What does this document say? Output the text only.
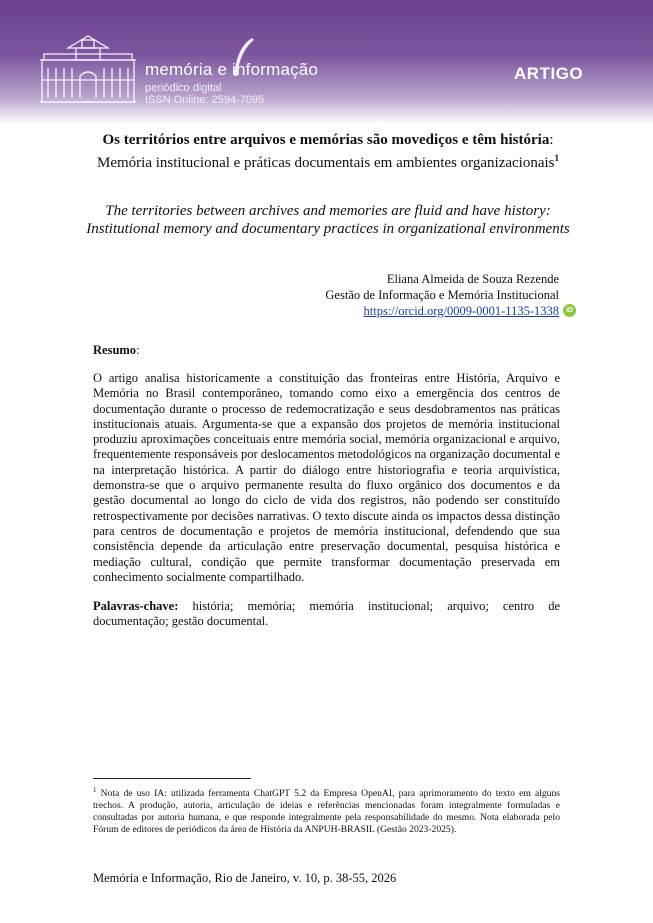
memória e informação
periódico digital
ISSN Online: 2594-7095
ARTIGO
Os territórios entre arquivos e memórias são movediços e têm história: Memória institucional e práticas documentais em ambientes organizacionais$^1$
The territories between archives and memories are fluid and have history: Institutional memory and documentary practices in organizational environments
Eliana Almeida de Souza Rezende
Gestão de Informação e Memória Institucional
https://orcid.org/0009-0001-1135-1338	iD
Resumo:
O artigo analisa historicamente a constituição das fronteiras entre História, Arquivo e Memória no Brasil contemporâneo, tomando como eixo a emergência dos centros de documentação durante o processo de redemocratização e seus desdobramentos nas práticas institucionais atuais. Argumenta-se que a expansão dos projetos de memória institucional produziu aproximações conceituais entre memória social, memória organizacional e arquivo, frequentemente responsáveis por deslocamentos metodológicos na organização documental e na interpretação histórica. A partir do diálogo entre historiografia e teoria arquivística, demonstra-se que o arquivo permanente resulta do fluxo orgânico dos documentos e da gestão documental ao longo do ciclo de vida dos registros, não podendo ser constituído retrospectivamente por decisões narrativas. O texto discute ainda os impactos dessa distinção para centros de documentação e projetos de memória institucional, defendendo que sua consistência depende da articulação entre preservação documental, pesquisa histórica e mediação cultural, condição que permite transformar documentação preservada em conhecimento socialmente compartilhado.
Palavras-chave: história; memória; memória institucional; arquivo; centro de documentação; gestão documental.
$^1$ Nota de uso IA: utilizada ferramenta ChatGPT 5.2 da Empresa OpenAI, para aprimoramento do texto em alguns trechos. A produção, autoria, articulação de ideias e referências mencionadas foram integralmente formuladas e consultadas por autoria humana, e que responde integralmente pela responsabilidade do mesmo. Nota elaborada pelo Fórum de editores de periódicos da área de História da ANPUH-BRASIL (Gestão 2023-2025).
Memória e Informação, Rio de Janeiro, v. 10, p. 38-55, 2026
